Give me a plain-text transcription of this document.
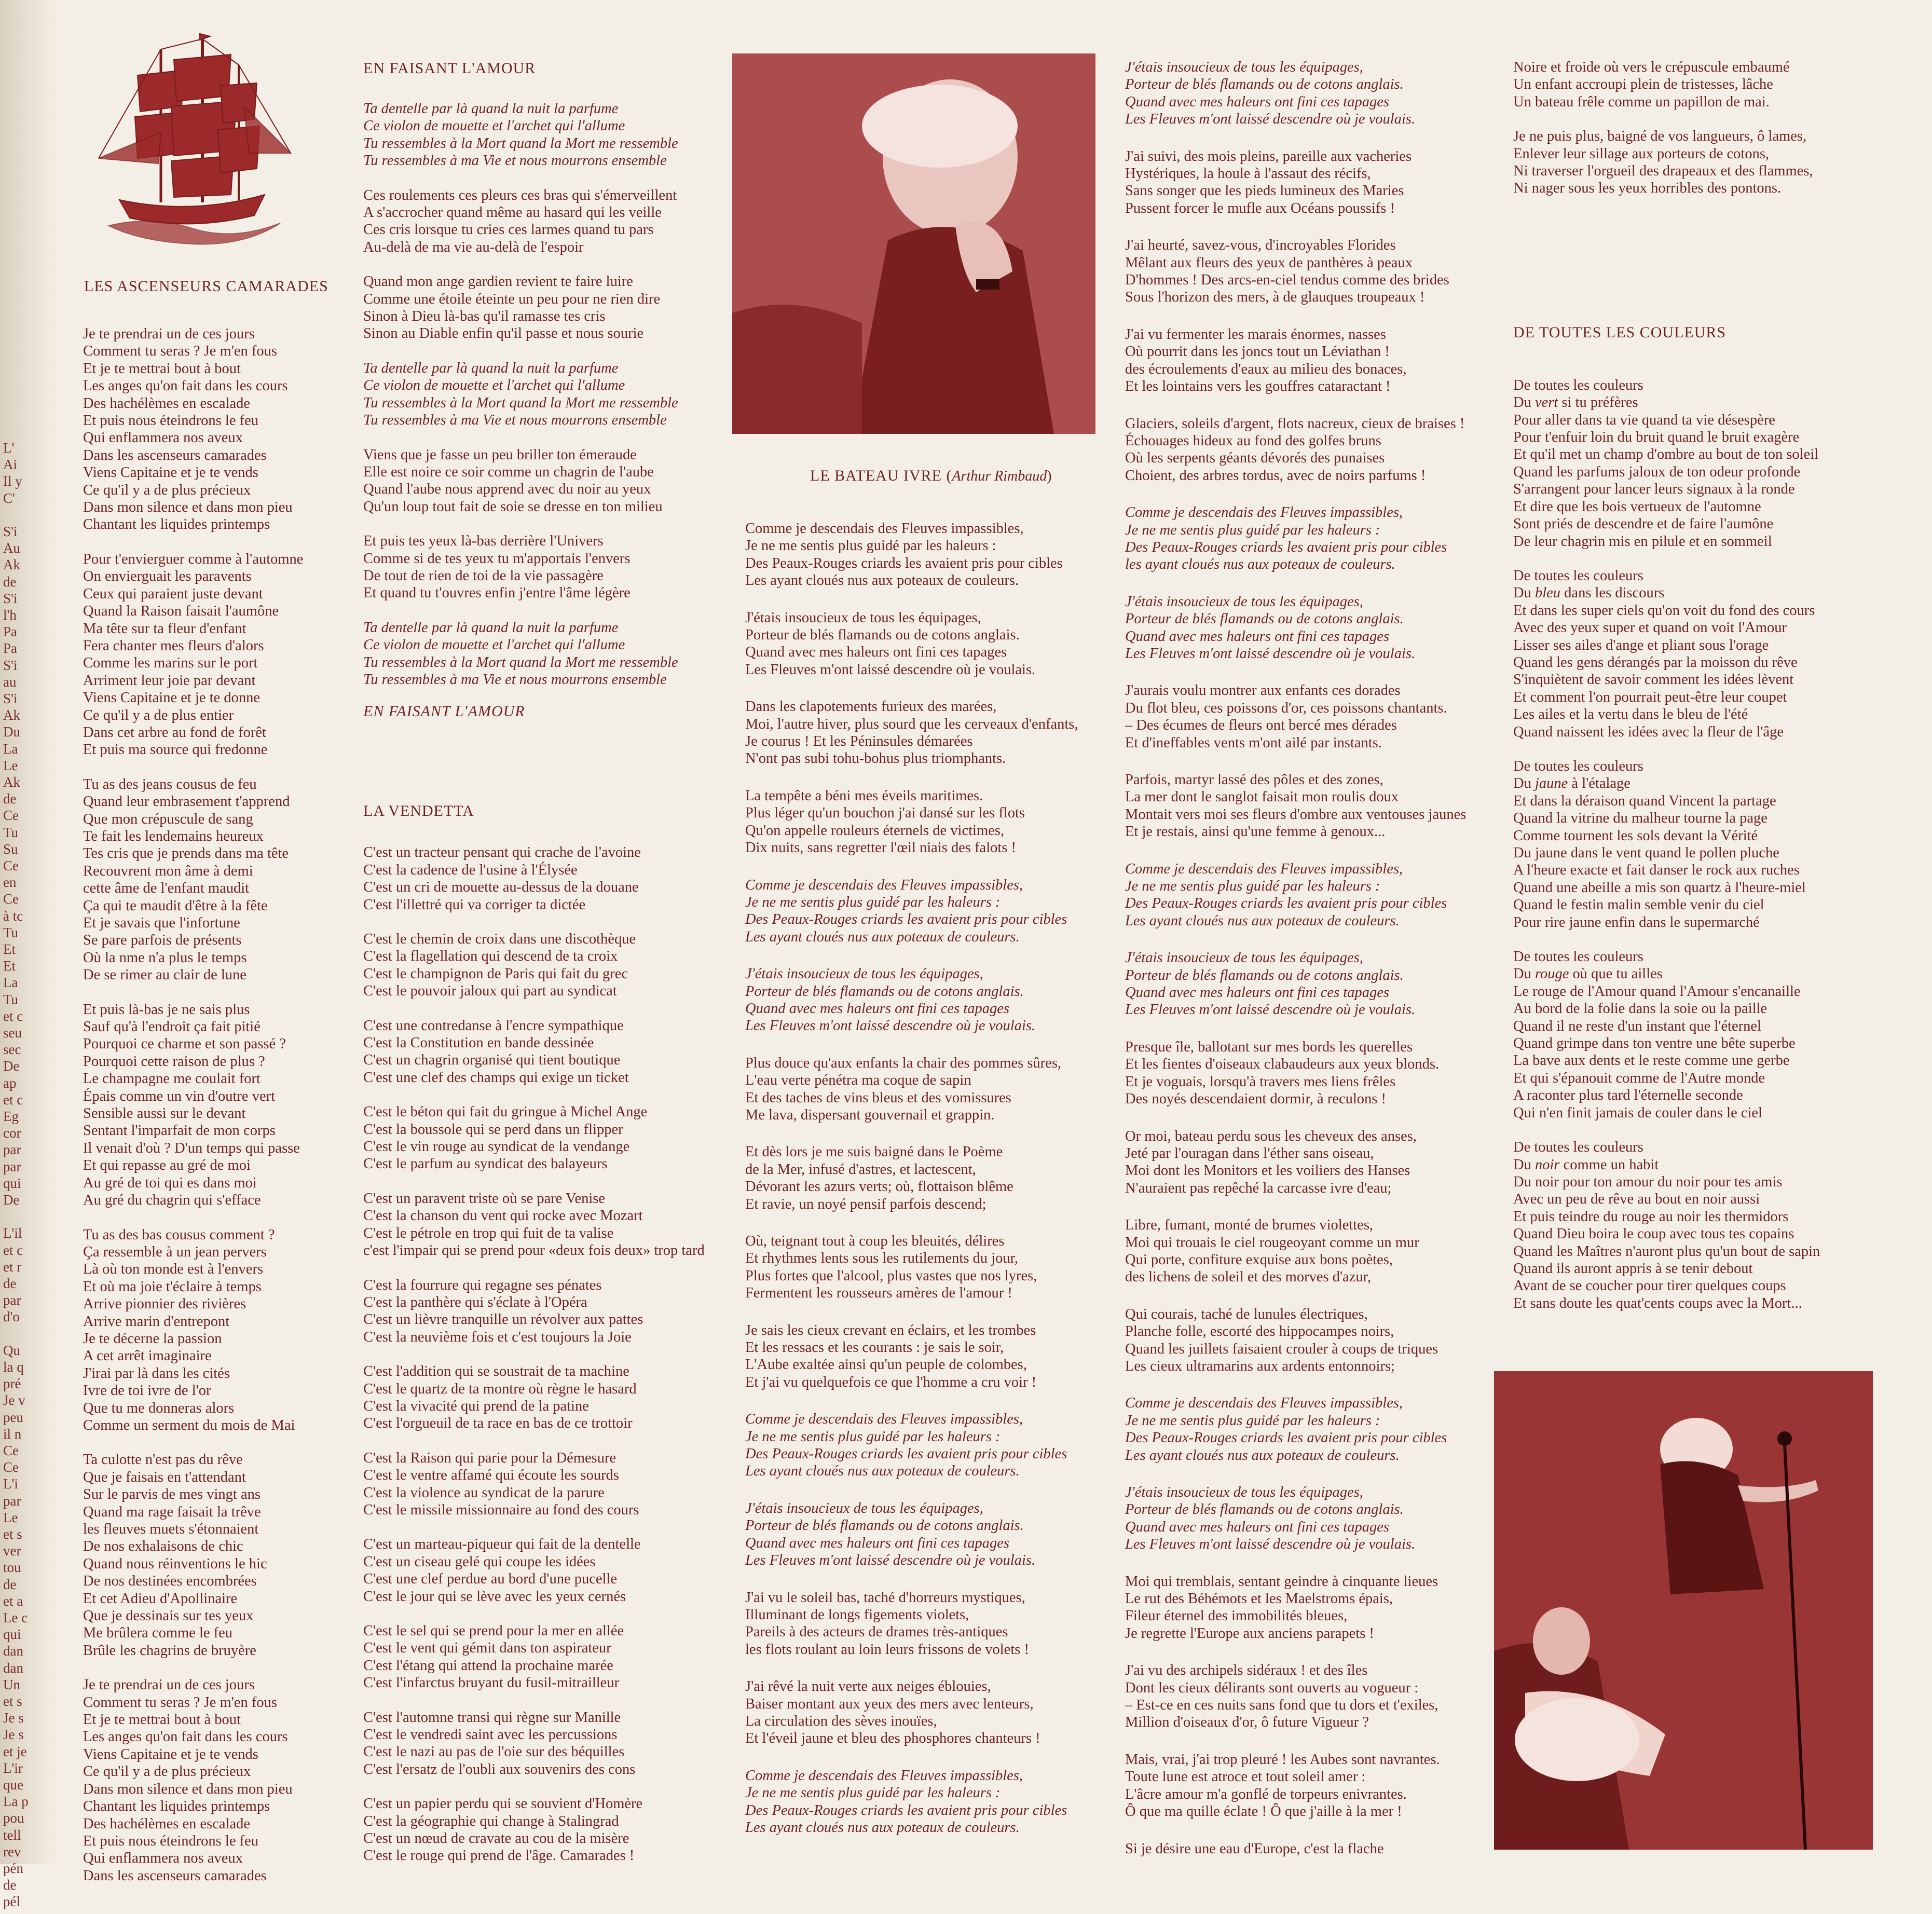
L'
Ai
Il y
C'
S'i
Au
Ak
de
S'i
l'h
Pa
Pa
S'i
au
S'i
Ak
Du
La
Le
Ak
de
Ce
Tu
Su
Ce
en
Ce
à tc
Tu
Et
Et
La
Tu
et c
seu
sec
De
ap
et c
Eg
cor
par
par
qui
De
L'il
et c
et r
de
par
d'o
Qu
la q
pré
Je v
peu
il n
Ce
Ce
L'i
par
Le
et s
ver
tou
de
et a
Le c
qui
dan
dan
Un
et s
Je s
Je s
et je
L'ir
que
La p
pou
tell
rev
pén
de
pél
LES ASCENSEURS CAMARADES
Je te prendrai un de ces jours
Comment tu seras ? Je m'en fous
Et je te mettrai bout à bout
Les anges qu'on fait dans les cours
Des hachélèmes en escalade
Et puis nous éteindrons le feu
Qui enflammera nos aveux
Dans les ascenseurs camarades
Viens Capitaine et je te vends
Ce qu'il y a de plus précieux
Dans mon silence et dans mon pieu
Chantant les liquides printemps
Pour t'envierguer comme à l'automne
On envierguait les paravents
Ceux qui paraient juste devant
Quand la Raison faisait l'aumône
Ma tête sur ta fleur d'enfant
Fera chanter mes fleurs d'alors
Comme les marins sur le port
Arriment leur joie par devant
Viens Capitaine et je te donne
Ce qu'il y a de plus entier
Dans cet arbre au fond de forêt
Et puis ma source qui fredonne
Tu as des jeans cousus de feu
Quand leur embrasement t'apprend
Que mon crépuscule de sang
Te fait les lendemains heureux
Tes cris que je prends dans ma tête
Recouvrent mon âme à demi
cette âme de l'enfant maudit
Ça qui te maudit d'être à la fête
Et je savais que l'infortune
Se pare parfois de présents
Où la nme n'a plus le temps
De se rimer au clair de lune
Et puis là-bas je ne sais plus
Sauf qu'à l'endroit ça fait pitié
Pourquoi ce charme et son passé ?
Pourquoi cette raison de plus ?
Le champagne me coulait fort
Épais comme un vin d'outre vert
Sensible aussi sur le devant
Sentant l'imparfait de mon corps
Il venait d'où ? D'un temps qui passe
Et qui repasse au gré de moi
Au gré de toi qui es dans moi
Au gré du chagrin qui s'efface
Tu as des bas cousus comment ?
Ça ressemble à un jean pervers
Là où ton monde est à l'envers
Et où ma joie t'éclaire à temps
Arrive pionnier des rivières
Arrive marin d'entrepont
Je te décerne la passion
A cet arrêt imaginaire
J'irai par là dans les cités
Ivre de toi ivre de l'or
Que tu me donneras alors
Comme un serment du mois de Mai
Ta culotte n'est pas du rêve
Que je faisais en t'attendant
Sur le parvis de mes vingt ans
Quand ma rage faisait la trêve
les fleuves muets s'étonnaient
De nos exhalaisons de chic
Quand nous réinventions le hic
De nos destinées encombrées
Et cet Adieu d'Apollinaire
Que je dessinais sur tes yeux
Me brûlera comme le feu
Brûle les chagrins de bruyère
Je te prendrai un de ces jours
Comment tu seras ? Je m'en fous
Et je te mettrai bout à bout
Les anges qu'on fait dans les cours
Viens Capitaine et je te vends
Ce qu'il y a de plus précieux
Dans mon silence et dans mon pieu
Chantant les liquides printemps
Des hachélèmes en escalade
Et puis nous éteindrons le feu
Qui enflammera nos aveux
Dans les ascenseurs camarades
EN FAISANT L'AMOUR
Ta dentelle par là quand la nuit la parfume
Ce violon de mouette et l'archet qui l'allume
Tu ressembles à la Mort quand la Mort me ressemble
Tu ressembles à ma Vie et nous mourrons ensemble
Ces roulements ces pleurs ces bras qui s'émerveillent
A s'accrocher quand même au hasard qui les veille
Ces cris lorsque tu cries ces larmes quand tu pars
Au-delà de ma vie au-delà de l'espoir
Quand mon ange gardien revient te faire luire
Comme une étoile éteinte un peu pour ne rien dire
Sinon à Dieu là-bas qu'il ramasse tes cris
Sinon au Diable enfin qu'il passe et nous sourie
Ta dentelle par là quand la nuit la parfume
Ce violon de mouette et l'archet qui l'allume
Tu ressembles à la Mort quand la Mort me ressemble
Tu ressembles à ma Vie et nous mourrons ensemble
Viens que je fasse un peu briller ton émeraude
Elle est noire ce soir comme un chagrin de l'aube
Quand l'aube nous apprend avec du noir au yeux
Qu'un loup tout fait de soie se dresse en ton milieu
Et puis tes yeux là-bas derrière l'Univers
Comme si de tes yeux tu m'apportais l'envers
De tout de rien de toi de la vie passagère
Et quand tu t'ouvres enfin j'entre l'âme légère
Ta dentelle par là quand la nuit la parfume
Ce violon de mouette et l'archet qui l'allume
Tu ressembles à la Mort quand la Mort me ressemble
Tu ressembles à ma Vie et nous mourrons ensemble
EN FAISANT L'AMOUR
LA VENDETTA
C'est un tracteur pensant qui crache de l'avoine
C'est la cadence de l'usine à l'Élysée
C'est un cri de mouette au-dessus de la douane
C'est l'illettré qui va corriger ta dictée
C'est le chemin de croix dans une discothèque
C'est la flagellation qui descend de ta croix
C'est le champignon de Paris qui fait du grec
C'est le pouvoir jaloux qui part au syndicat
C'est une contredanse à l'encre sympathique
C'est la Constitution en bande dessinée
C'est un chagrin organisé qui tient boutique
C'est une clef des champs qui exige un ticket
C'est le béton qui fait du gringue à Michel Ange
C'est la boussole qui se perd dans un flipper
C'est le vin rouge au syndicat de la vendange
C'est le parfum au syndicat des balayeurs
C'est un paravent triste où se pare Venise
C'est la chanson du vent qui rocke avec Mozart
C'est le pétrole en trop qui fuit de ta valise
c'est l'impair qui se prend pour «deux fois deux» trop tard
C'est la fourrure qui regagne ses pénates
C'est la panthère qui s'éclate à l'Opéra
C'est un lièvre tranquille un révolver aux pattes
C'est la neuvième fois et c'est toujours la Joie
C'est l'addition qui se soustrait de ta machine
C'est le quartz de ta montre où règne le hasard
C'est la vivacité qui prend de la patine
C'est l'orgueuil de ta race en bas de ce trottoir
C'est la Raison qui parie pour la Démesure
C'est le ventre affamé qui écoute les sourds
C'est la violence au syndicat de la parure
C'est le missile missionnaire au fond des cours
C'est un marteau-piqueur qui fait de la dentelle
C'est un ciseau gelé qui coupe les idées
C'est une clef perdue au bord d'une pucelle
C'est le jour qui se lève avec les yeux cernés
C'est le sel qui se prend pour la mer en allée
C'est le vent qui gémit dans ton aspirateur
C'est l'étang qui attend la prochaine marée
C'est l'infarctus bruyant du fusil-mitrailleur
C'est l'automne transi qui règne sur Manille
C'est le vendredi saint avec les percussions
C'est le nazi au pas de l'oie sur des béquilles
C'est l'ersatz de l'oubli aux souvenirs des cons
C'est un papier perdu qui se souvient d'Homère
C'est la géographie qui change à Stalingrad
C'est un nœud de cravate au cou de la misère
C'est le rouge qui prend de l'âge. Camarades !
LE BATEAU IVRE (Arthur Rimbaud)
Comme je descendais des Fleuves impassibles,
Je ne me sentis plus guidé par les haleurs :
Des Peaux-Rouges criards les avaient pris pour cibles
Les ayant cloués nus aux poteaux de couleurs.
J'étais insoucieux de tous les équipages,
Porteur de blés flamands ou de cotons anglais.
Quand avec mes haleurs ont fini ces tapages
Les Fleuves m'ont laissé descendre où je voulais.
Dans les clapotements furieux des marées,
Moi, l'autre hiver, plus sourd que les cerveaux d'enfants,
Je courus ! Et les Péninsules démarées
N'ont pas subi tohu-bohus plus triomphants.
La tempête a béni mes éveils maritimes.
Plus léger qu'un bouchon j'ai dansé sur les flots
Qu'on appelle rouleurs éternels de victimes,
Dix nuits, sans regretter l'œil niais des falots !
Comme je descendais des Fleuves impassibles,
Je ne me sentis plus guidé par les haleurs :
Des Peaux-Rouges criards les avaient pris pour cibles
Les ayant cloués nus aux poteaux de couleurs.
J'étais insoucieux de tous les équipages,
Porteur de blés flamands ou de cotons anglais.
Quand avec mes haleurs ont fini ces tapages
Les Fleuves m'ont laissé descendre où je voulais.
Plus douce qu'aux enfants la chair des pommes sûres,
L'eau verte pénétra ma coque de sapin
Et des taches de vins bleus et des vomissures
Me lava, dispersant gouvernail et grappin.
Et dès lors je me suis baigné dans le Poème
de la Mer, infusé d'astres, et lactescent,
Dévorant les azurs verts; où, flottaison blême
Et ravie, un noyé pensif parfois descend;
Où, teignant tout à coup les bleuités, délires
Et rhythmes lents sous les rutilements du jour,
Plus fortes que l'alcool, plus vastes que nos lyres,
Fermentent les rousseurs amères de l'amour !
Je sais les cieux crevant en éclairs, et les trombes
Et les ressacs et les courants : je sais le soir,
L'Aube exaltée ainsi qu'un peuple de colombes,
Et j'ai vu quelquefois ce que l'homme a cru voir !
Comme je descendais des Fleuves impassibles,
Je ne me sentis plus guidé par les haleurs :
Des Peaux-Rouges criards les avaient pris pour cibles
Les ayant cloués nus aux poteaux de couleurs.
J'étais insoucieux de tous les équipages,
Porteur de blés flamands ou de cotons anglais.
Quand avec mes haleurs ont fini ces tapages
Les Fleuves m'ont laissé descendre où je voulais.
J'ai vu le soleil bas, taché d'horreurs mystiques,
Illuminant de longs figements violets,
Pareils à des acteurs de drames très-antiques
les flots roulant au loin leurs frissons de volets !
J'ai rêvé la nuit verte aux neiges éblouies,
Baiser montant aux yeux des mers avec lenteurs,
La circulation des sèves inouïes,
Et l'éveil jaune et bleu des phosphores chanteurs !
Comme je descendais des Fleuves impassibles,
Je ne me sentis plus guidé par les haleurs :
Des Peaux-Rouges criards les avaient pris pour cibles
Les ayant cloués nus aux poteaux de couleurs.
J'étais insoucieux de tous les équipages,
Porteur de blés flamands ou de cotons anglais.
Quand avec mes haleurs ont fini ces tapages
Les Fleuves m'ont laissé descendre où je voulais.
J'ai suivi, des mois pleins, pareille aux vacheries
Hystériques, la houle à l'assaut des récifs,
Sans songer que les pieds lumineux des Maries
Pussent forcer le mufle aux Océans poussifs !
J'ai heurté, savez-vous, d'incroyables Florides
Mêlant aux fleurs des yeux de panthères à peaux
D'hommes ! Des arcs-en-ciel tendus comme des brides
Sous l'horizon des mers, à de glauques troupeaux !
J'ai vu fermenter les marais énormes, nasses
Où pourrit dans les joncs tout un Léviathan !
des écroulements d'eaux au milieu des bonaces,
Et les lointains vers les gouffres cataractant !
Glaciers, soleils d'argent, flots nacreux, cieux de braises !
Échouages hideux au fond des golfes bruns
Où les serpents géants dévorés des punaises
Choient, des arbres tordus, avec de noirs parfums !
Comme je descendais des Fleuves impassibles,
Je ne me sentis plus guidé par les haleurs :
Des Peaux-Rouges criards les avaient pris pour cibles
les ayant cloués nus aux poteaux de couleurs.
J'étais insoucieux de tous les équipages,
Porteur de blés flamands ou de cotons anglais.
Quand avec mes haleurs ont fini ces tapages
Les Fleuves m'ont laissé descendre où je voulais.
J'aurais voulu montrer aux enfants ces dorades
Du flot bleu, ces poissons d'or, ces poissons chantants.
– Des écumes de fleurs ont bercé mes dérades
Et d'ineffables vents m'ont ailé par instants.
Parfois, martyr lassé des pôles et des zones,
La mer dont le sanglot faisait mon roulis doux
Montait vers moi ses fleurs d'ombre aux ventouses jaunes
Et je restais, ainsi qu'une femme à genoux...
Comme je descendais des Fleuves impassibles,
Je ne me sentis plus guidé par les haleurs :
Des Peaux-Rouges criards les avaient pris pour cibles
Les ayant cloués nus aux poteaux de couleurs.
J'étais insoucieux de tous les équipages,
Porteur de blés flamands ou de cotons anglais.
Quand avec mes haleurs ont fini ces tapages
Les Fleuves m'ont laissé descendre où je voulais.
Presque île, ballotant sur mes bords les querelles
Et les fientes d'oiseaux clabaudeurs aux yeux blonds.
Et je voguais, lorsqu'à travers mes liens frêles
Des noyés descendaient dormir, à reculons !
Or moi, bateau perdu sous les cheveux des anses,
Jeté par l'ouragan dans l'éther sans oiseau,
Moi dont les Monitors et les voiliers des Hanses
N'auraient pas repêché la carcasse ivre d'eau;
Libre, fumant, monté de brumes violettes,
Moi qui trouais le ciel rougeoyant comme un mur
Qui porte, confiture exquise aux bons poètes,
des lichens de soleil et des morves d'azur,
Qui courais, taché de lunules électriques,
Planche folle, escorté des hippocampes noirs,
Quand les juillets faisaient crouler à coups de triques
Les cieux ultramarins aux ardents entonnoirs;
Comme je descendais des Fleuves impassibles,
Je ne me sentis plus guidé par les haleurs :
Des Peaux-Rouges criards les avaient pris pour cibles
Les ayant cloués nus aux poteaux de couleurs.
J'étais insoucieux de tous les équipages,
Porteur de blés flamands ou de cotons anglais.
Quand avec mes haleurs ont fini ces tapages
Les Fleuves m'ont laissé descendre où je voulais.
Moi qui tremblais, sentant geindre à cinquante lieues
Le rut des Béhémots et les Maelstroms épais,
Fileur éternel des immobilités bleues,
Je regrette l'Europe aux anciens parapets !
J'ai vu des archipels sidéraux ! et des îles
Dont les cieux délirants sont ouverts au vogueur :
– Est-ce en ces nuits sans fond que tu dors et t'exiles,
Million d'oiseaux d'or, ô future Vigueur ?
Mais, vrai, j'ai trop pleuré ! les Aubes sont navrantes.
Toute lune est atroce et tout soleil amer :
L'âcre amour m'a gonflé de torpeurs enivrantes.
Ô que ma quille éclate ! Ô que j'aille à la mer !
Si je désire une eau d'Europe, c'est la flache
Noire et froide où vers le crépuscule embaumé
Un enfant accroupi plein de tristesses, lâche
Un bateau frêle comme un papillon de mai.
Je ne puis plus, baigné de vos langueurs, ô lames,
Enlever leur sillage aux porteurs de cotons,
Ni traverser l'orgueil des drapeaux et des flammes,
Ni nager sous les yeux horribles des pontons.
DE TOUTES LES COULEURS
De toutes les couleurs
Du vert si tu préfères
Pour aller dans ta vie quand ta vie désespère
Pour t'enfuir loin du bruit quand le bruit exagère
Et qu'il met un champ d'ombre au bout de ton soleil
Quand les parfums jaloux de ton odeur profonde
S'arrangent pour lancer leurs signaux à la ronde
Et dire que les bois vertueux de l'automne
Sont priés de descendre et de faire l'aumône
De leur chagrin mis en pilule et en sommeil
De toutes les couleurs
Du bleu dans les discours
Et dans les super ciels qu'on voit du fond des cours
Avec des yeux super et quand on voit l'Amour
Lisser ses ailes d'ange et pliant sous l'orage
Quand les gens dérangés par la moisson du rêve
S'inquiètent de savoir comment les idées lèvent
Et comment l'on pourrait peut-être leur coupet
Les ailes et la vertu dans le bleu de l'été
Quand naissent les idées avec la fleur de l'âge
De toutes les couleurs
Du jaune à l'étalage
Et dans la déraison quand Vincent la partage
Quand la vitrine du malheur tourne la page
Comme tournent les sols devant la Vérité
Du jaune dans le vent quand le pollen pluche
A l'heure exacte et fait danser le rock aux ruches
Quand une abeille a mis son quartz à l'heure-miel
Quand le festin malin semble venir du ciel
Pour rire jaune enfin dans le supermarché
De toutes les couleurs
Du rouge où que tu ailles
Le rouge de l'Amour quand l'Amour s'encanaille
Au bord de la folie dans la soie ou la paille
Quand il ne reste d'un instant que l'éternel
Quand grimpe dans ton ventre une bête superbe
La bave aux dents et le reste comme une gerbe
Et qui s'épanouit comme de l'Autre monde
A raconter plus tard l'éternelle seconde
Qui n'en finit jamais de couler dans le ciel
De toutes les couleurs
Du noir comme un habit
Du noir pour ton amour du noir pour tes amis
Avec un peu de rêve au bout en noir aussi
Et puis teindre du rouge au noir les thermidors
Quand Dieu boira le coup avec tous tes copains
Quand les Maîtres n'auront plus qu'un bout de sapin
Quand ils auront appris à se tenir debout
Avant de se coucher pour tirer quelques coups
Et sans doute les quat'cents coups avec la Mort...
